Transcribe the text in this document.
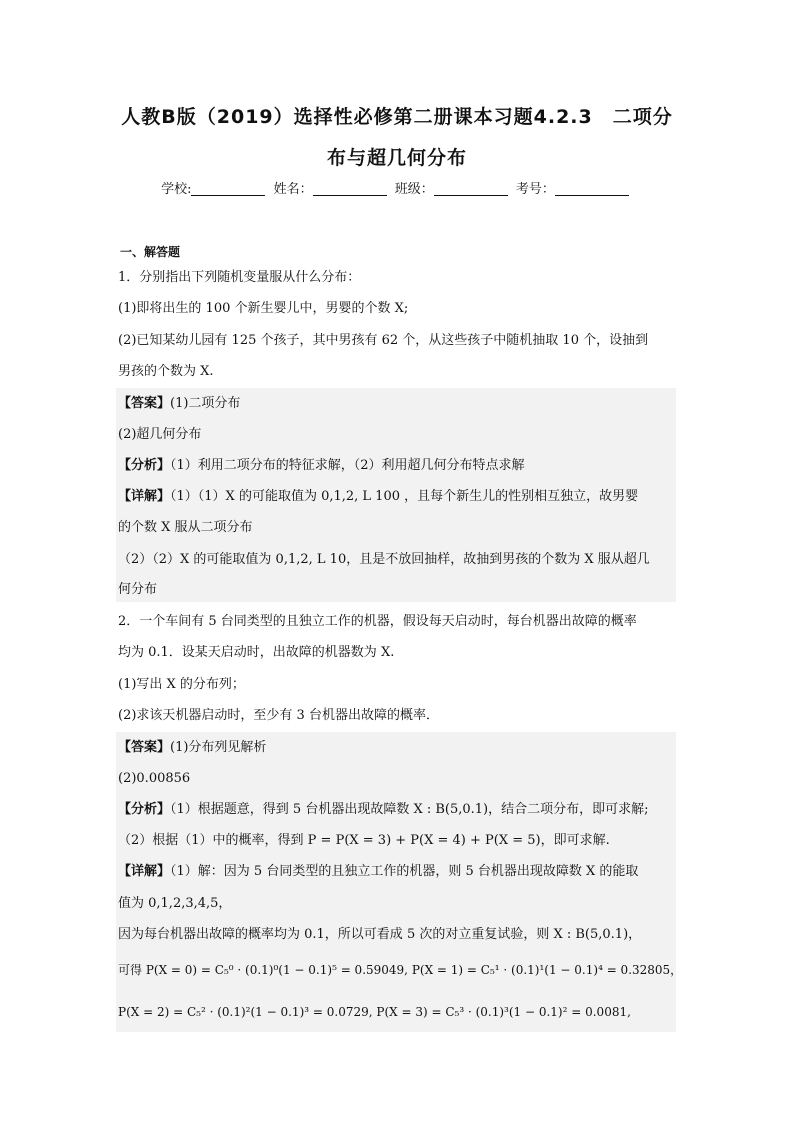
人教B版（2019）选择性必修第二册课本习题4.2.3　二项分
布与超几何分布
学校:	姓名：	班级：	考号：
一、解答题
1．分别指出下列随机变量服从什么分布：
(1)即将出生的 100 个新生婴儿中，男婴的个数 X;
(2)已知某幼儿园有 125 个孩子，其中男孩有 62 个，从这些孩子中随机抽取 10 个，设抽到
男孩的个数为 X.
【答案】(1)二项分布
(2)超几何分布
【分析】（1）利用二项分布的特征求解，（2）利用超几何分布特点求解
【详解】（1）（1）X 的可能取值为 0,1,2, L 100 ，且每个新生儿的性别相互独立，故男婴
的个数 X 服从二项分布
（2）（2）X 的可能取值为 0,1,2, L 10，且是不放回抽样，故抽到男孩的个数为 X 服从超几
何分布
2．一个车间有 5 台同类型的且独立工作的机器，假设每天启动时，每台机器出故障的概率
均为 0.1．设某天启动时，出故障的机器数为 X.
(1)写出 X 的分布列；
(2)求该天机器启动时，至少有 3 台机器出故障的概率．
【答案】(1)分布列见解析
(2)0.00856
【分析】（1）根据题意，得到 5 台机器出现故障数 X : B(5,0.1)，结合二项分布，即可求解;
（2）根据（1）中的概率，得到 P = P(X = 3) + P(X = 4) + P(X = 5)，即可求解.
【详解】（1）解：因为 5 台同类型的且独立工作的机器，则 5 台机器出现故障数 X 的能取
值为 0,1,2,3,4,5，
因为每台机器出故障的概率均为 0.1，所以可看成 5 次的对立重复试验，则 X : B(5,0.1)，
可得 P(X = 0) = C₅⁰ · (0.1)⁰(1 − 0.1)⁵ = 0.59049, P(X = 1) = C₅¹ · (0.1)¹(1 − 0.1)⁴ = 0.32805，
P(X = 2) = C₅² · (0.1)²(1 − 0.1)³ = 0.0729, P(X = 3) = C₅³ · (0.1)³(1 − 0.1)² = 0.0081,
